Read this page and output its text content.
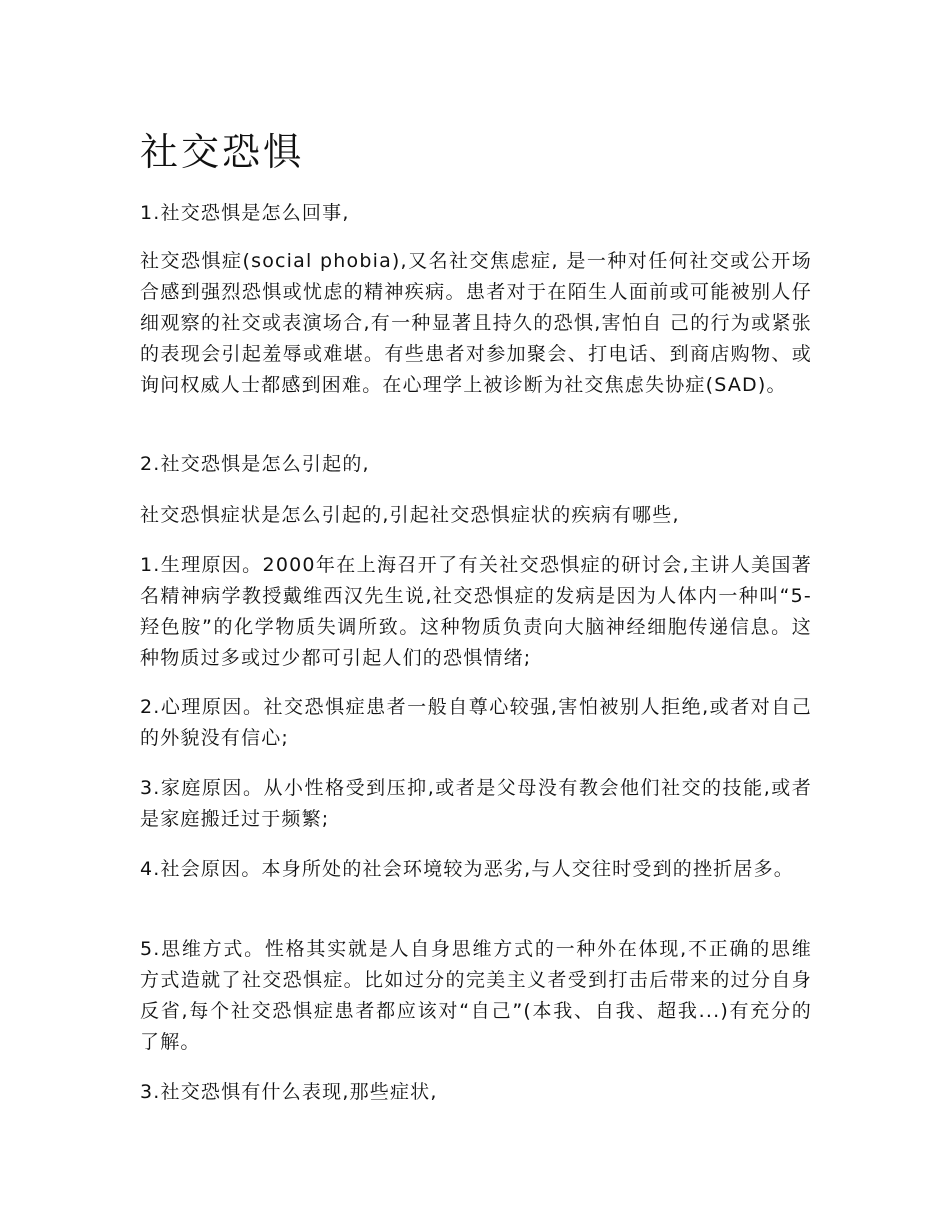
社交恐惧

1.社交恐惧是怎么回事,

社交恐惧症(social phobia),又名社交焦虑症, 是一种对任何社交或公开场合感到强烈恐惧或忧虑的精神疾病。患者对于在陌生人面前或可能被别人仔细观察的社交或表演场合,有一种显著且持久的恐惧,害怕自 己的行为或紧张的表现会引起羞辱或难堪。有些患者对参加聚会、打电话、到商店购物、或询问权威人士都感到困难。在心理学上被诊断为社交焦虑失协症(SAD)。

2.社交恐惧是怎么引起的,

社交恐惧症状是怎么引起的,引起社交恐惧症状的疾病有哪些,

1.生理原因。2000年在上海召开了有关社交恐惧症的研讨会,主讲人美国著名精神病学教授戴维西汉先生说,社交恐惧症的发病是因为人体内一种叫“5-羟色胺”的化学物质失调所致。这种物质负责向大脑神经细胞传递信息。这种物质过多或过少都可引起人们的恐惧情绪;

2.心理原因。社交恐惧症患者一般自尊心较强,害怕被别人拒绝,或者对自己的外貌没有信心;

3.家庭原因。从小性格受到压抑,或者是父母没有教会他们社交的技能,或者是家庭搬迁过于频繁;

4.社会原因。本身所处的社会环境较为恶劣,与人交往时受到的挫折居多。

5.思维方式。性格其实就是人自身思维方式的一种外在体现,不正确的思维方式造就了社交恐惧症。比如过分的完美主义者受到打击后带来的过分自身反省,每个社交恐惧症患者都应该对“自己”(本我、自我、超我...)有充分的了解。

3.社交恐惧有什么表现,那些症状,
